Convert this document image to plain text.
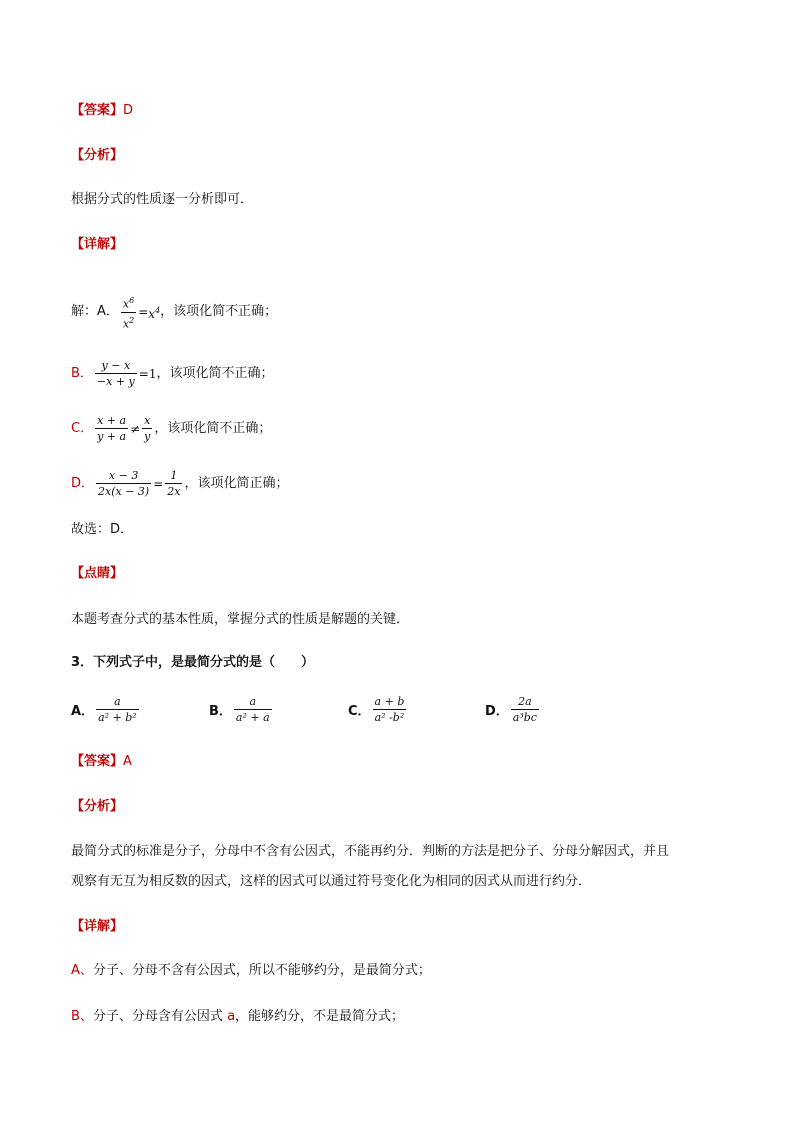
【答案】D
【分析】
根据分式的性质逐一分析即可．
【详解】
解：A． $\frac{x^6}{x^2} = x^4$ ，该项化简不正确；
B． $\frac{y - x}{-x + y} = 1$ ，该项化简不正确；
C． $\frac{x + a}{y + a} \ne \frac{x}{y}$ ，该项化简不正确；
D． $\frac{x - 3}{2x(x - 3)} = \frac{1}{2x}$ ，该项化简正确；
故选：D．
【点睛】
本题考查分式的基本性质，掌握分式的性质是解题的关键．
3．下列式子中，是最简分式的是（　　）
A． $\frac{a}{\text{a² + b²}}$	B． $\frac{a}{\text{a² + a}}$	C． $\frac{a + b}{\text{a² -b²}}$	D． $\frac{2a}{\text{a³bc}}$
【答案】A
【分析】
最简分式的标准是分子，分母中不含有公因式，不能再约分．判断的方法是把分子、分母分解因式，并且
观察有无互为相反数的因式，这样的因式可以通过符号变化化为相同的因式从而进行约分．
【详解】
A、分子、分母不含有公因式，所以不能够约分，是最简分式；
B、分子、分母含有公因式 a，能够约分，不是最简分式；
